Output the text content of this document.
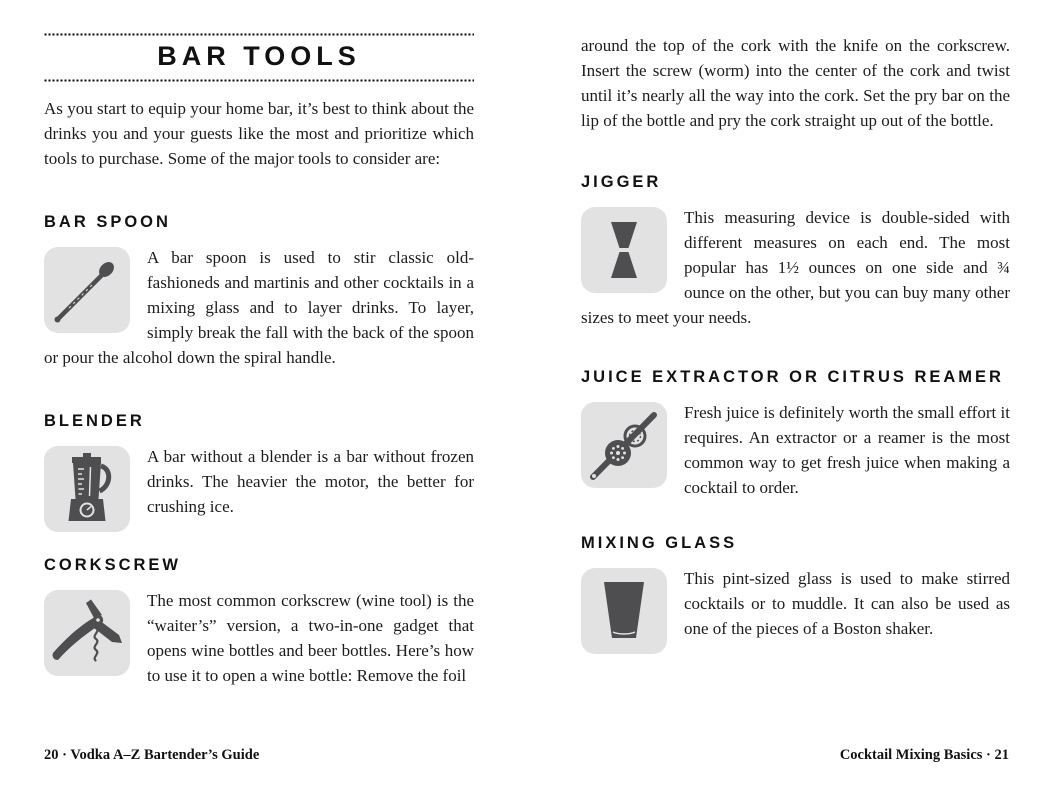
BAR TOOLS

As you start to equip your home bar, it’s best to think about the drinks you and your guests like the most and prioritize which tools to purchase. Some of the major tools to consider are:

BAR SPOON

A bar spoon is used to stir classic old-fashioneds and martinis and other cocktails in a mixing glass and to layer drinks. To layer, simply break the fall with the back of the spoon or pour the alcohol down the spiral handle.

BLENDER

A bar without a blender is a bar without frozen drinks. The heavier the motor, the better for crushing ice.

CORKSCREW

The most common corkscrew (wine tool) is the “waiter’s” version, a two-in-one gadget that opens wine bottles and beer bottles. Here’s how to use it to open a wine bottle: Remove the foil

around the top of the cork with the knife on the corkscrew. Insert the screw (worm) into the center of the cork and twist until it’s nearly all the way into the cork. Set the pry bar on the lip of the bottle and pry the cork straight up out of the bottle.

JIGGER

This measuring device is double-sided with different measures on each end. The most popular has 1½ ounces on one side and ¾ ounce on the other, but you can buy many other sizes to meet your needs.

JUICE EXTRACTOR OR CITRUS REAMER

Fresh juice is definitely worth the small effort it requires. An extractor or a reamer is the most common way to get fresh juice when making a cocktail to order.

MIXING GLASS

This pint-sized glass is used to make stirred cocktails or to muddle. It can also be used as one of the pieces of a Boston shaker.

20 · Vodka A–Z Bartender’s Guide	Cocktail Mixing Basics · 21
